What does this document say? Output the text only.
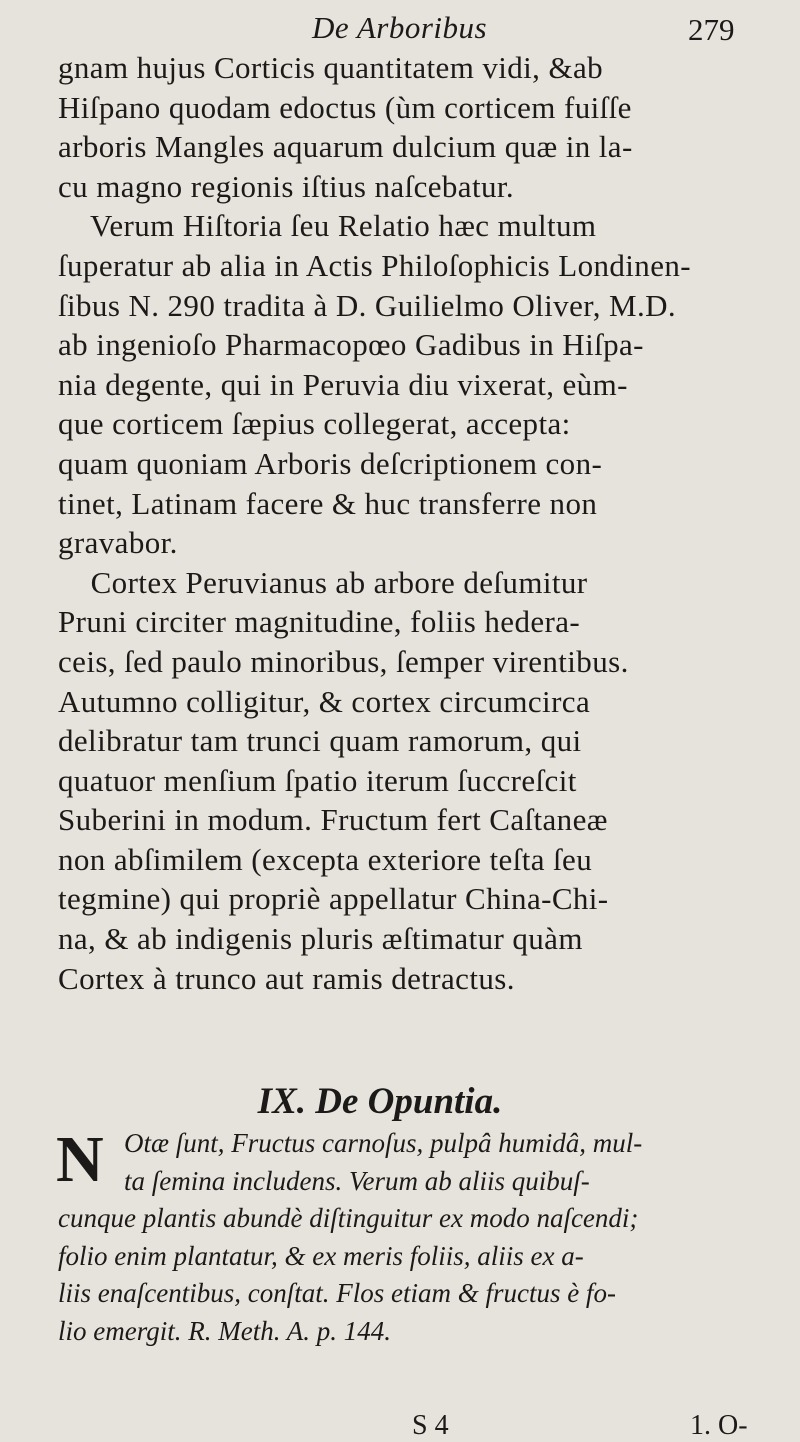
De Arboribus	279
gnam hujus Corticis quantitatem vidi, &ab
Hiſpano quodam edoctus (ùm corticem fuiſſe
arboris Mangles aquarum dulcium quæ in la-
cu magno regionis iſtius naſcebatur.
Verum Hiſtoria ſeu Relatio hæc multum
ſuperatur ab alia in Actis Philoſophicis Londinen-
ſibus N. 290 tradita à D. Guilielmo Oliver, M.D.
ab ingenioſo Pharmacopœo Gadibus in Hiſpa-
nia degente, qui in Peruvia diu vixerat, eùm-
que corticem ſæpius collegerat, accepta:
quam quoniam Arboris deſcriptionem con-
tinet, Latinam facere & huc transferre non
gravabor.
Cortex Peruvianus ab arbore deſumitur
Pruni circiter magnitudine, foliis hedera-
ceis, ſed paulo minoribus, ſemper virentibus.
Autumno colligitur, & cortex circumcirca
delibratur tam trunci quam ramorum, qui
quatuor menſium ſpatio iterum ſuccreſcit
Suberini in modum. Fructum fert Caſtaneæ
non abſimilem (excepta exteriore teſta ſeu
tegmine) qui propriè appellatur China-Chi-
na, & ab indigenis pluris æſtimatur quàm
Cortex à trunco aut ramis detractus.
IX. De Opuntia.
N Otæ ſunt, Fructus carnoſus, pulpâ humidâ, mul-
ta ſemina includens. Verum ab aliis quibuſ-
cunque plantis abundè diſtinguitur ex modo naſcendi;
folio enim plantatur, & ex meris foliis, aliis ex a-
liis enaſcentibus, conſtat. Flos etiam & fructus è fo-
lio emergit. R. Meth. A. p. 144.
S 4	1. O-
